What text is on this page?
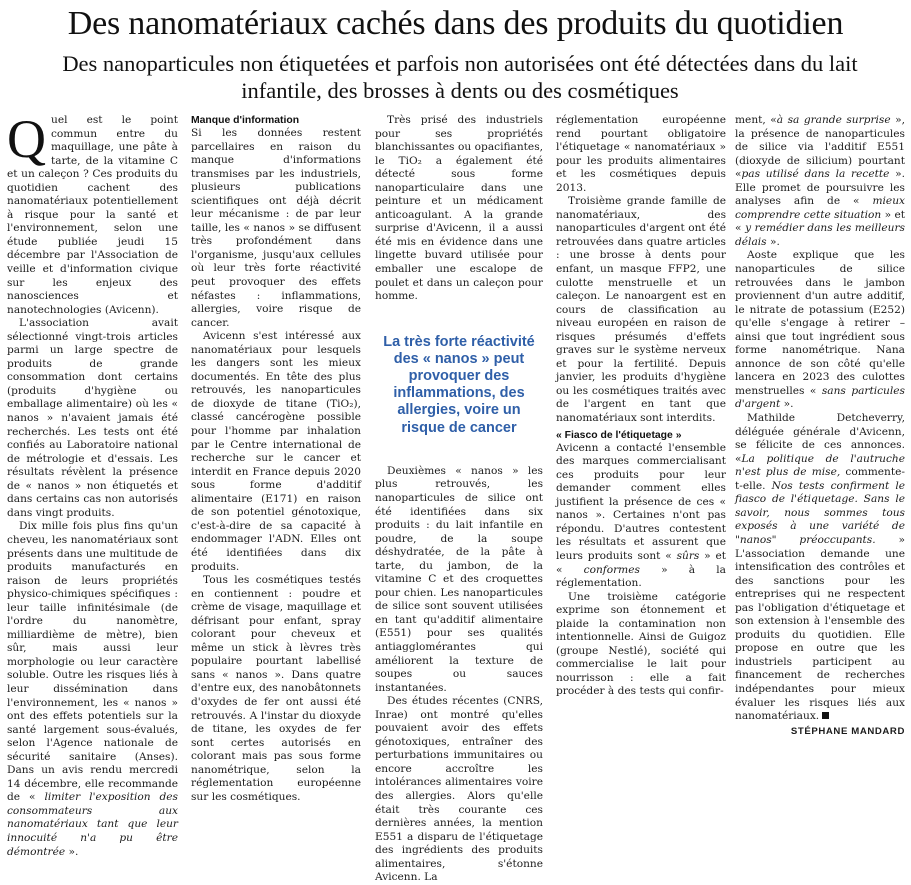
Des nanomatériaux cachés dans des produits du quotidien
Des nanoparticules non étiquetées et parfois non autorisées ont été détectées dans du lait infantile, des brosses à dents ou des cosmétiques

Quel est le point commun entre du maquillage, une pâte à tarte, de la vitamine C et un caleçon ? Ces produits du quotidien cachent des nanomatériaux potentiellement à risque pour la santé et l'environnement, selon une étude publiée jeudi 15 décembre par l'Association de veille et d'information civique sur les enjeux des nanosciences et nanotechnologies (Avicenn).

L'association avait sélectionné vingt-trois articles parmi un large spectre de produits de grande consommation dont certains (produits d'hygiène ou emballage alimentaire) où les « nanos » n'avaient jamais été recherchés. Les tests ont été confiés au Laboratoire national de métrologie et d'essais. Les résultats révèlent la présence de « nanos » non étiquetés et dans certains cas non autorisés dans vingt produits.

Dix mille fois plus fins qu'un cheveu, les nanomatériaux sont présents dans une multitude de produits manufacturés en raison de leurs propriétés physico-chimiques spécifiques : leur taille infinitésimale (de l'ordre du nanomètre, milliardième de mètre), bien sûr, mais aussi leur morphologie ou leur caractère soluble. Outre les risques liés à leur dissémination dans l'environnement, les « nanos » ont des effets potentiels sur la santé largement sous-évalués, selon l'Agence nationale de sécurité sanitaire (Anses). Dans un avis rendu mercredi 14 décembre, elle recommande de « limiter l'exposition des consommateurs aux nanomatériaux tant que leur innocuité n'a pu être démontrée ».

Manque d'information

Si les données restent parcellaires en raison du manque d'informations transmises par les industriels, plusieurs publications scientifiques ont déjà décrit leur mécanisme : de par leur taille, les « nanos » se diffusent très profondément dans l'organisme, jusqu'aux cellules où leur très forte réactivité peut provoquer des effets néfastes : inflammations, allergies, voire risque de cancer.

Avicenn s'est intéressé aux nanomatériaux pour lesquels les dangers sont les mieux documentés. En tête des plus retrouvés, les nanoparticules de dioxyde de titane (TiO₂), classé cancérogène possible pour l'homme par inhalation par le Centre international de recherche sur le cancer et interdit en France depuis 2020 sous forme d'additif alimentaire (E171) en raison de son potentiel génotoxique, c'est-à-dire de sa capacité à endommager l'ADN. Elles ont été identifiées dans dix produits.

Tous les cosmétiques testés en contiennent : poudre et crème de visage, maquillage et défrisant pour enfant, spray colorant pour cheveux et même un stick à lèvres très populaire pourtant labellisé sans « nanos ». Dans quatre d'entre eux, des nanobâtonnets d'oxydes de fer ont aussi été retrouvés. A l'instar du dioxyde de titane, les oxydes de fer sont certes autorisés en colorant mais pas sous forme nanométrique, selon la réglementation européenne sur les cosmétiques.

Très prisé des industriels pour ses propriétés blanchissantes ou opacifiantes, le TiO₂ a également été détecté sous forme nanoparticulaire dans une peinture et un médicament anticoagulant. A la grande surprise d'Avicenn, il a aussi été mis en évidence dans une lingette buvard utilisée pour emballer une escalope de poulet et dans un caleçon pour homme.

La très forte réactivité des « nanos » peut provoquer des inflammations, des allergies, voire un risque de cancer

Deuxièmes « nanos » les plus retrouvés, les nanoparticules de silice ont été identifiées dans six produits : du lait infantile en poudre, de la soupe déshydratée, de la pâte à tarte, du jambon, de la vitamine C et des croquettes pour chien. Les nanoparticules de silice sont souvent utilisées en tant qu'additif alimentaire (E551) pour ses qualités antiagglomérantes qui améliorent la texture de soupes ou sauces instantanées.

Des études récentes (CNRS, Inrae) ont montré qu'elles pouvaient avoir des effets génotoxiques, entraîner des perturbations immunitaires ou encore accroître les intolérances alimentaires voire des allergies. Alors qu'elle était très courante ces dernières années, la mention E551 a disparu de l'étiquetage des ingrédients des produits alimentaires, s'étonne Avicenn. La

réglementation européenne rend pourtant obligatoire l'étiquetage « nanomatériaux » pour les produits alimentaires et les cosmétiques depuis 2013.

Troisième grande famille de nanomatériaux, des nanoparticules d'argent ont été retrouvées dans quatre articles : une brosse à dents pour enfant, un masque FFP2, une culotte menstruelle et un caleçon. Le nanoargent est en cours de classification au niveau européen en raison de risques présumés d'effets graves sur le système nerveux et pour la fertilité. Depuis janvier, les produits d'hygiène ou les cosmétiques traités avec de l'argent en tant que nanomatériaux sont interdits.

« Fiasco de l'étiquetage »

Avicenn a contacté l'ensemble des marques commercialisant ces produits pour leur demander comment elles justifient la présence de ces « nanos ». Certaines n'ont pas répondu. D'autres contestent les résultats et assurent que leurs produits sont « sûrs » et « conformes » à la réglementation.

Une troisième catégorie exprime son étonnement et plaide la contamination non intentionnelle. Ainsi de Guigoz (groupe Nestlé), société qui commercialise le lait pour nourrisson : elle a fait procéder à des tests qui confir-

ment, «à sa grande surprise », la présence de nanoparticules de silice via l'additif E551 (dioxyde de silicium) pourtant «pas utilisé dans la recette ». Elle promet de poursuivre les analyses afin de « mieux comprendre cette situation » et « y remédier dans les meilleurs délais ».

Aoste explique que les nanoparticules de silice retrouvées dans le jambon proviennent d'un autre additif, le nitrate de potassium (E252) qu'elle s'engage à retirer – ainsi que tout ingrédient sous forme nanométrique. Nana annonce de son côté qu'elle lancera en 2023 des culottes menstruelles « sans particules d'argent ».

Mathilde Detcheverry, déléguée générale d'Avicenn, se félicite de ces annonces. «La politique de l'autruche n'est plus de mise, commente-t-elle. Nos tests confirment le fiasco de l'étiquetage. Sans le savoir, nous sommes tous exposés à une variété de "nanos" préoccupants. » L'association demande une intensification des contrôles et des sanctions pour les entreprises qui ne respectent pas l'obligation d'étiquetage et son extension à l'ensemble des produits du quotidien. Elle propose en outre que les industriels participent au financement de recherches indépendantes pour mieux évaluer les risques liés aux nanomatériaux.

STÉPHANE MANDARD
